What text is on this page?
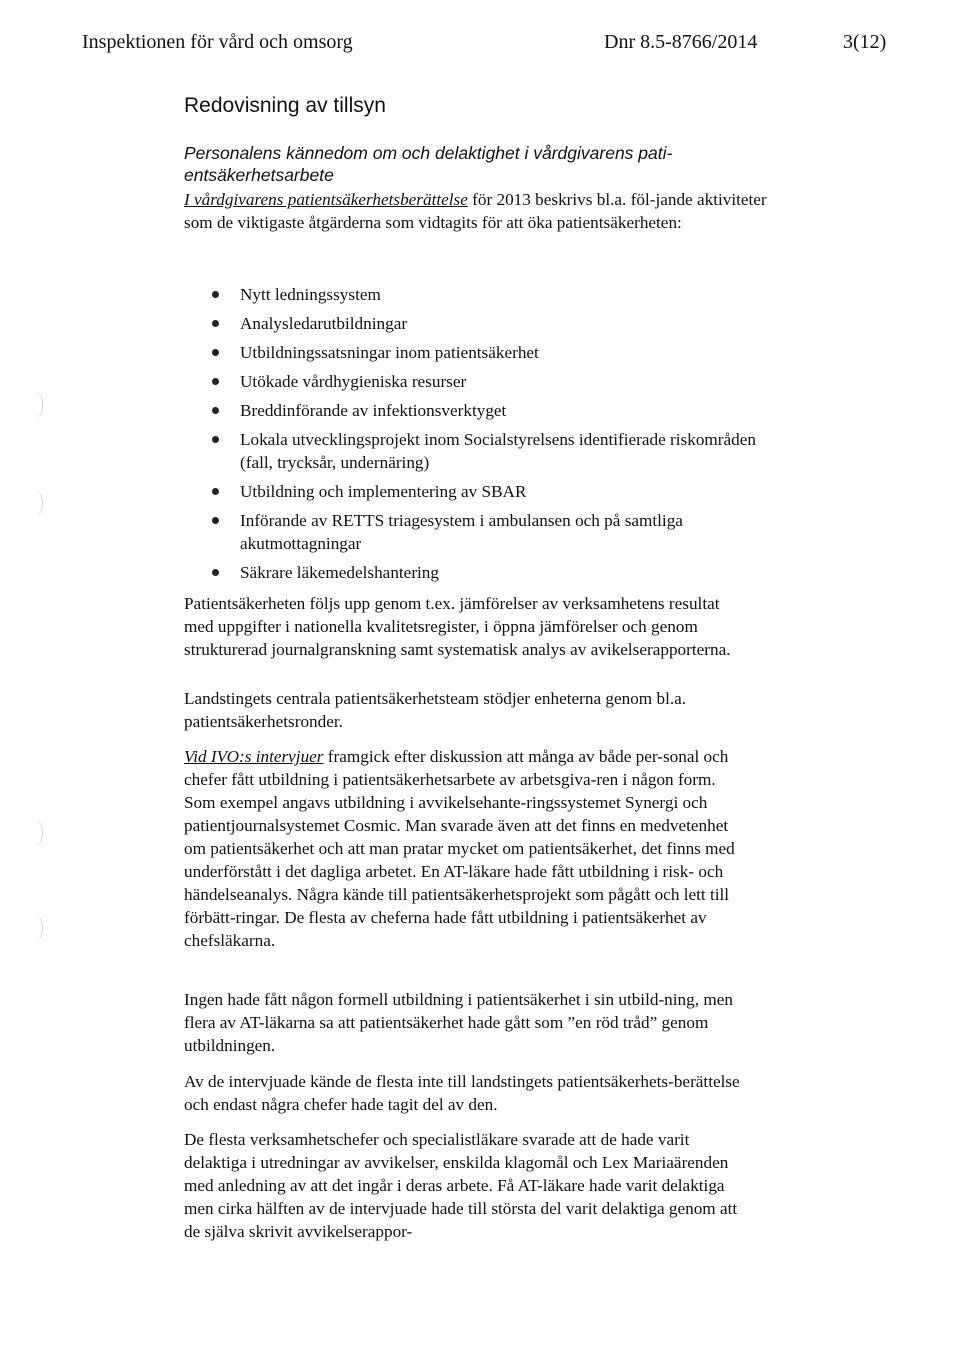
Inspektionen för vård och omsorg	Dnr 8.5-8766/2014	3(12)
Redovisning av tillsyn
Personalens kännedom om och delaktighet i vårdgivarens pati-
entsäkerhetsarbete
I vårdgivarens patientsäkerhetsberättelse för 2013 beskrivs bl.a. föl-jande aktiviteter som de viktigaste åtgärderna som vidtagits för att öka patientsäkerheten:
Nytt ledningssystem
Analysledarutbildningar
Utbildningssatsningar inom patientsäkerhet
Utökade vårdhygieniska resurser
Breddinförande av infektionsverktyget
Lokala utvecklingsprojekt inom Socialstyrelsens identifierade riskområden (fall, trycksår, undernäring)
Utbildning och implementering av SBAR
Införande av RETTS triagesystem i ambulansen och på samtliga akutmottagningar
Säkrare läkemedelshantering
Patientsäkerheten följs upp genom t.ex. jämförelser av verksamhetens resultat med uppgifter i nationella kvalitetsregister, i öppna jämförelser och genom strukturerad journalgranskning samt systematisk analys av avikelserapporterna.
Landstingets centrala patientsäkerhetsteam stödjer enheterna genom bl.a. patientsäkerhetsronder.
Vid IVO:s intervjuer framgick efter diskussion att många av både per-sonal och chefer fått utbildning i patientsäkerhetsarbete av arbetsgiva-ren i någon form. Som exempel angavs utbildning i avvikelsehante-ringssystemet Synergi och patientjournalsystemet Cosmic. Man svarade även att det finns en medvetenhet om patientsäkerhet och att man pratar mycket om patientsäkerhet, det finns med underförstått i det dagliga arbetet. En AT-läkare hade fått utbildning i risk- och händelseanalys. Några kände till patientsäkerhetsprojekt som pågått och lett till förbätt-ringar. De flesta av cheferna hade fått utbildning i patientsäkerhet av chefsläkarna.
Ingen hade fått någon formell utbildning i patientsäkerhet i sin utbild-ning, men flera av AT-läkarna sa att patientsäkerhet hade gått som ”en röd tråd” genom utbildningen.
Av de intervjuade kände de flesta inte till landstingets patientsäkerhets-berättelse och endast några chefer hade tagit del av den.
De flesta verksamhetschefer och specialistläkare svarade att de hade varit delaktiga i utredningar av avvikelser, enskilda klagomål och Lex Mariaärenden med anledning av att det ingår i deras arbete. Få AT-läkare hade varit delaktiga men cirka hälften av de intervjuade hade till största del varit delaktiga genom att de själva skrivit avvikelserappor-
